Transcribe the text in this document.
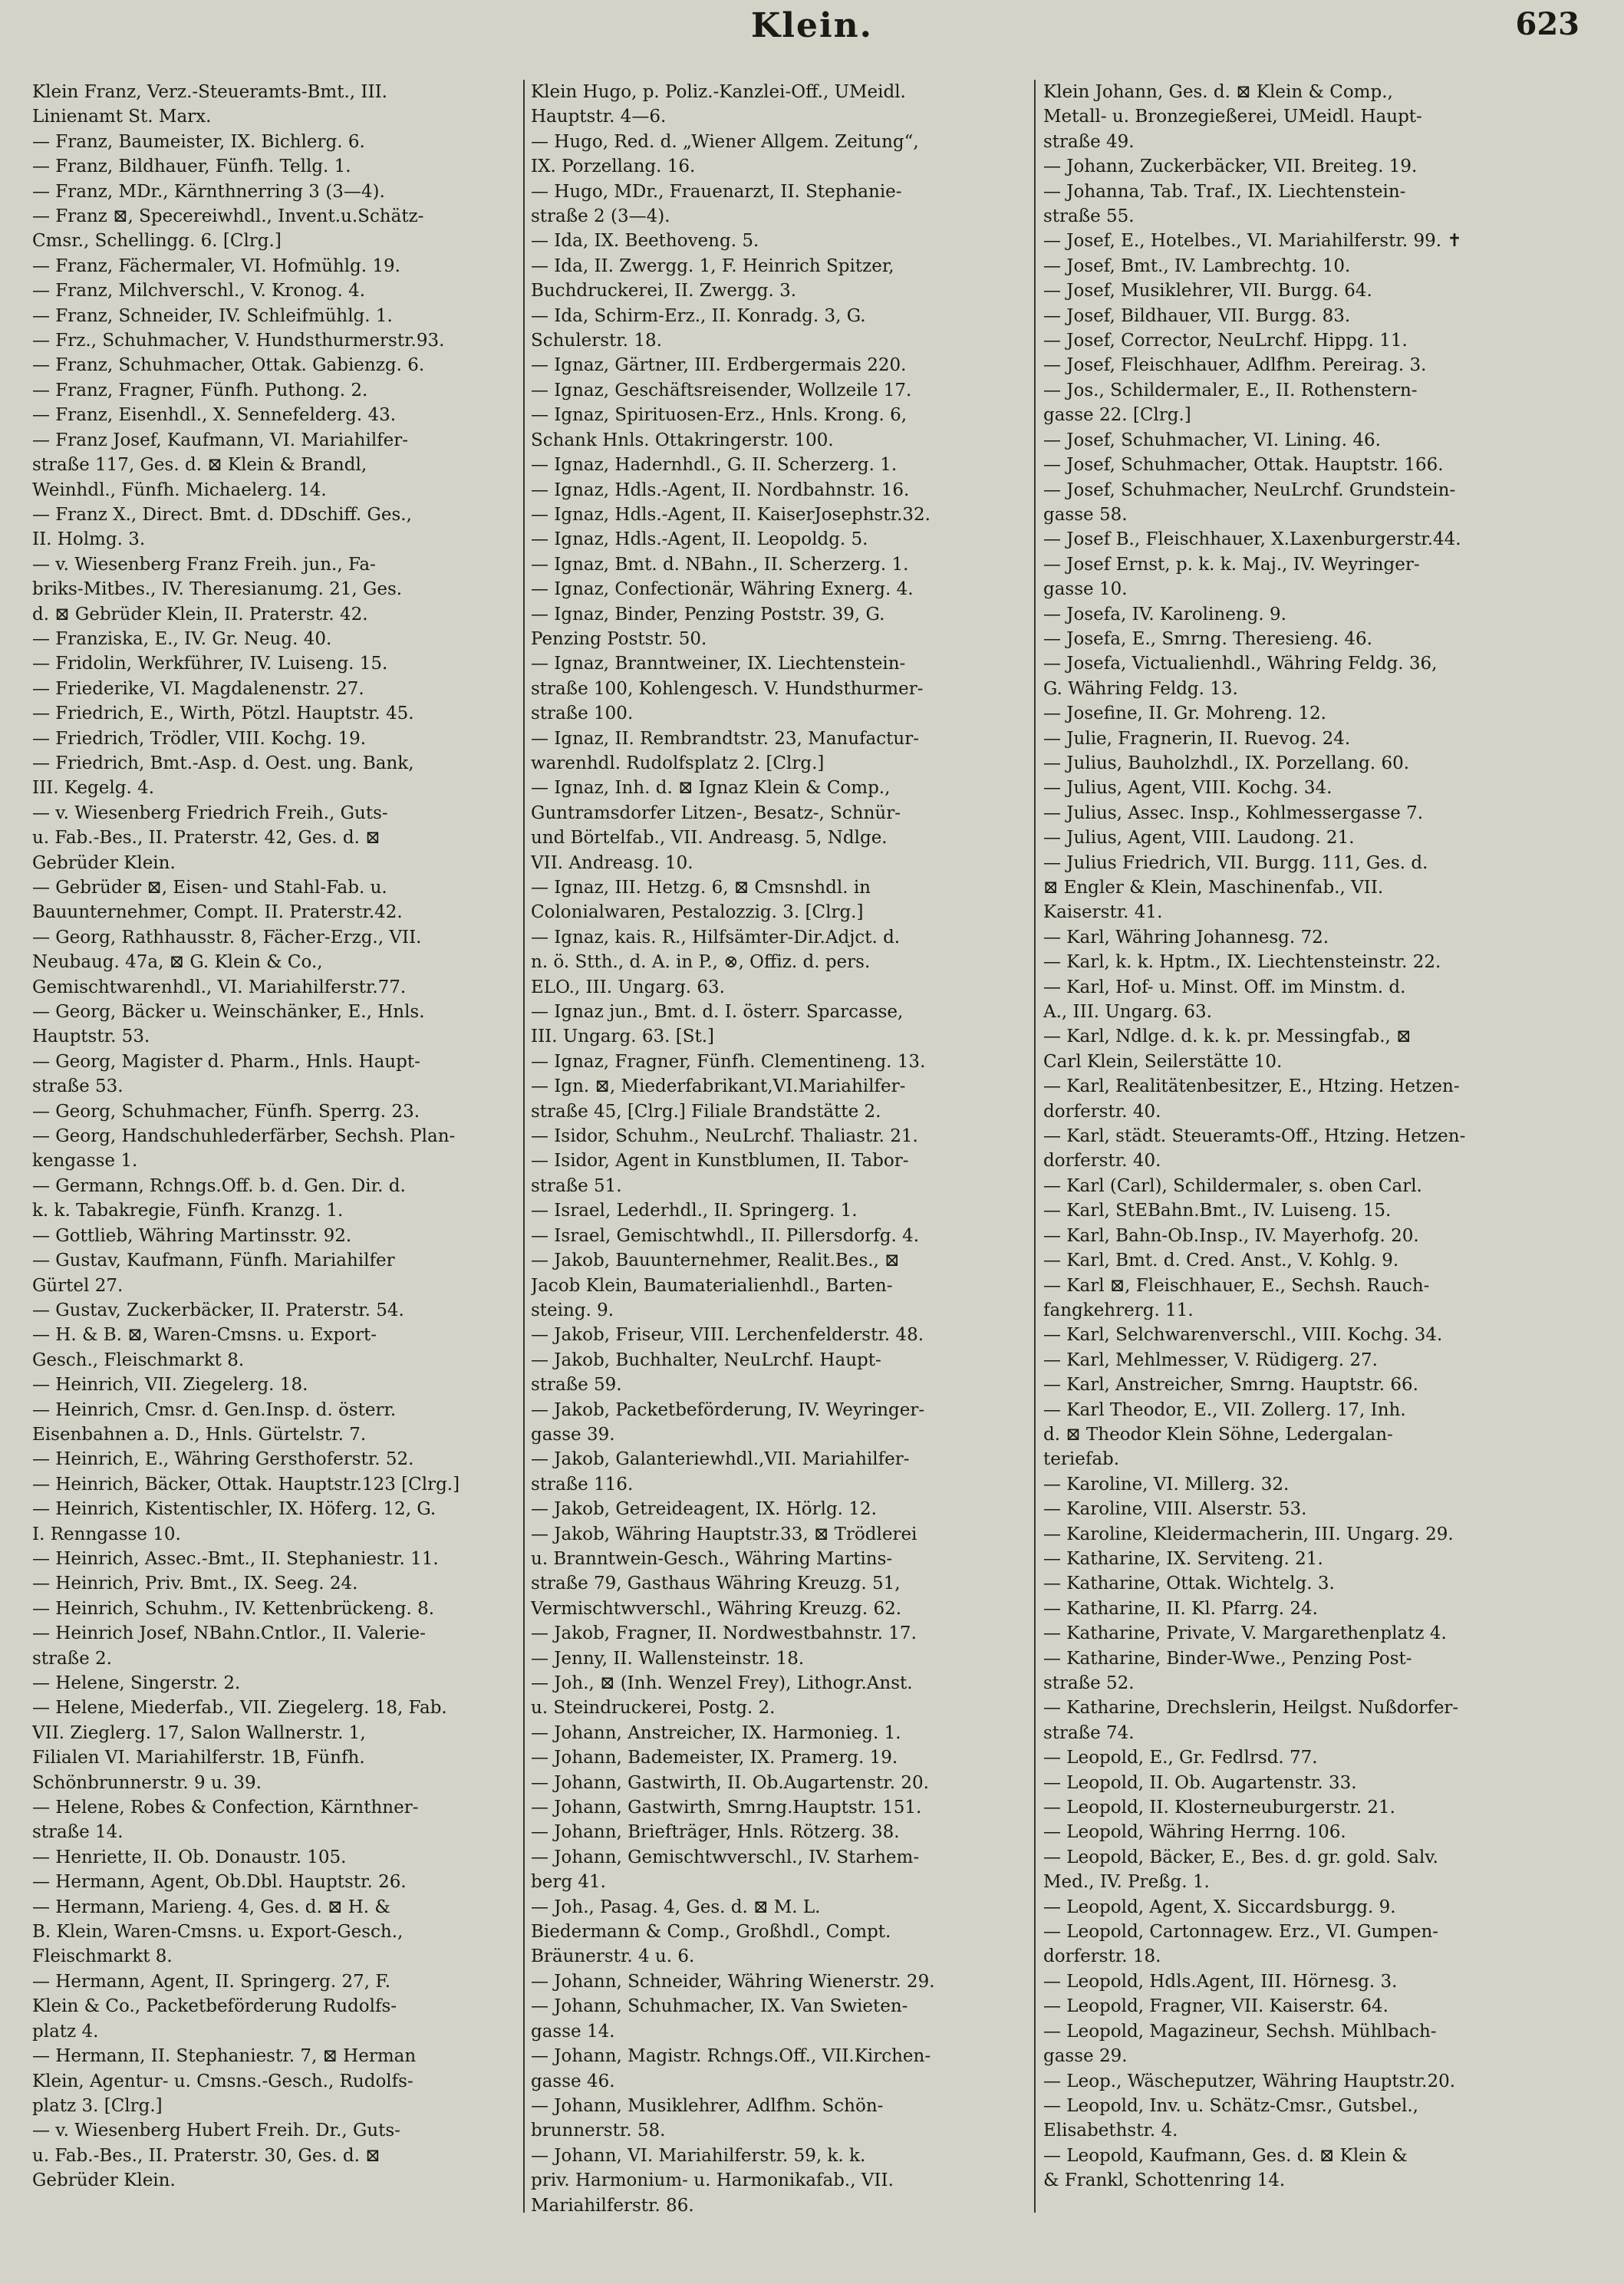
Klein.	623
Klein Franz, Verz.-Steueramts-Bmt., III.
Linienamt St. Marx.
— Franz, Baumeister, IX. Bichlerg. 6.
— Franz, Bildhauer, Fünfh. Tellg. 1.
— Franz, MDr., Kärnthnerring 3 (3—4).
— Franz ⊠, Specereiwhdl., Invent.u.Schätz-
Cmsr., Schellingg. 6. [Clrg.]
— Franz, Fächermaler, VI. Hofmühlg. 19.
— Franz, Milchverschl., V. Kronog. 4.
— Franz, Schneider, IV. Schleifmühlg. 1.
— Frz., Schuhmacher, V. Hundsthurmerstr.93.
— Franz, Schuhmacher, Ottak. Gabienzg. 6.
— Franz, Fragner, Fünfh. Puthong. 2.
— Franz, Eisenhdl., X. Sennefelderg. 43.
— Franz Josef, Kaufmann, VI. Mariahilfer-
straße 117, Ges. d. ⊠ Klein & Brandl,
Weinhdl., Fünfh. Michaelerg. 14.
— Franz X., Direct. Bmt. d. DDschiff. Ges.,
II. Holmg. 3.
— v. Wiesenberg Franz Freih. jun., Fa-
briks-Mitbes., IV. Theresianumg. 21, Ges.
d. ⊠ Gebrüder Klein, II. Praterstr. 42.
— Franziska, E., IV. Gr. Neug. 40.
— Fridolin, Werkführer, IV. Luiseng. 15.
— Friederike, VI. Magdalenenstr. 27.
— Friedrich, E., Wirth, Pötzl. Hauptstr. 45.
— Friedrich, Trödler, VIII. Kochg. 19.
— Friedrich, Bmt.-Asp. d. Oest. ung. Bank,
III. Kegelg. 4.
— v. Wiesenberg Friedrich Freih., Guts-
u. Fab.-Bes., II. Praterstr. 42, Ges. d. ⊠
Gebrüder Klein.
— Gebrüder ⊠, Eisen- und Stahl-Fab. u.
Bauunternehmer, Compt. II. Praterstr.42.
— Georg, Rathhausstr. 8, Fächer-Erzg., VII.
Neubaug. 47a, ⊠ G. Klein & Co.,
Gemischtwarenhdl., VI. Mariahilferstr.77.
— Georg, Bäcker u. Weinschänker, E., Hnls.
Hauptstr. 53.
— Georg, Magister d. Pharm., Hnls. Haupt-
straße 53.
— Georg, Schuhmacher, Fünfh. Sperrg. 23.
— Georg, Handschuhlederfärber, Sechsh. Plan-
kengasse 1.
— Germann, Rchngs.Off. b. d. Gen. Dir. d.
k. k. Tabakregie, Fünfh. Kranzg. 1.
— Gottlieb, Währing Martinsstr. 92.
— Gustav, Kaufmann, Fünfh. Mariahilfer
Gürtel 27.
— Gustav, Zuckerbäcker, II. Praterstr. 54.
— H. & B. ⊠, Waren-Cmsns. u. Export-
Gesch., Fleischmarkt 8.
— Heinrich, VII. Ziegelerg. 18.
— Heinrich, Cmsr. d. Gen.Insp. d. österr.
Eisenbahnen a. D., Hnls. Gürtelstr. 7.
— Heinrich, E., Währing Gersthoferstr. 52.
— Heinrich, Bäcker, Ottak. Hauptstr.123 [Clrg.]
— Heinrich, Kistentischler, IX. Höferg. 12, G.
I. Renngasse 10.
— Heinrich, Assec.-Bmt., II. Stephaniestr. 11.
— Heinrich, Priv. Bmt., IX. Seeg. 24.
— Heinrich, Schuhm., IV. Kettenbrückeng. 8.
— Heinrich Josef, NBahn.Cntlor., II. Valerie-
straße 2.
— Helene, Singerstr. 2.
— Helene, Miederfab., VII. Ziegelerg. 18, Fab.
VII. Zieglerg. 17, Salon Wallnerstr. 1,
Filialen VI. Mariahilferstr. 1B, Fünfh.
Schönbrunnerstr. 9 u. 39.
— Helene, Robes & Confection, Kärnthner-
straße 14.
— Henriette, II. Ob. Donaustr. 105.
— Hermann, Agent, Ob.Dbl. Hauptstr. 26.
— Hermann, Marieng. 4, Ges. d. ⊠ H. &
B. Klein, Waren-Cmsns. u. Export-Gesch.,
Fleischmarkt 8.
— Hermann, Agent, II. Springerg. 27, F.
Klein & Co., Packetbeförderung Rudolfs-
platz 4.
— Hermann, II. Stephaniestr. 7, ⊠ Herman
Klein, Agentur- u. Cmsns.-Gesch., Rudolfs-
platz 3. [Clrg.]
— v. Wiesenberg Hubert Freih. Dr., Guts-
u. Fab.-Bes., II. Praterstr. 30, Ges. d. ⊠
Gebrüder Klein.
Klein Hugo, p. Poliz.-Kanzlei-Off., UMeidl.
Hauptstr. 4—6.
— Hugo, Red. d. „Wiener Allgem. Zeitung“,
IX. Porzellang. 16.
— Hugo, MDr., Frauenarzt, II. Stephanie-
straße 2 (3—4).
— Ida, IX. Beethoveng. 5.
— Ida, II. Zwergg. 1, F. Heinrich Spitzer,
Buchdruckerei, II. Zwergg. 3.
— Ida, Schirm-Erz., II. Konradg. 3, G.
Schulerstr. 18.
— Ignaz, Gärtner, III. Erdbergermais 220.
— Ignaz, Geschäftsreisender, Wollzeile 17.
— Ignaz, Spirituosen-Erz., Hnls. Krong. 6,
Schank Hnls. Ottakringerstr. 100.
— Ignaz, Hadernhdl., G. II. Scherzerg. 1.
— Ignaz, Hdls.-Agent, II. Nordbahnstr. 16.
— Ignaz, Hdls.-Agent, II. KaiserJosephstr.32.
— Ignaz, Hdls.-Agent, II. Leopoldg. 5.
— Ignaz, Bmt. d. NBahn., II. Scherzerg. 1.
— Ignaz, Confectionär, Währing Exnerg. 4.
— Ignaz, Binder, Penzing Poststr. 39, G.
Penzing Poststr. 50.
— Ignaz, Branntweiner, IX. Liechtenstein-
straße 100, Kohlengesch. V. Hundsthurmer-
straße 100.
— Ignaz, II. Rembrandtstr. 23, Manufactur-
warenhdl. Rudolfsplatz 2. [Clrg.]
— Ignaz, Inh. d. ⊠ Ignaz Klein & Comp.,
Guntramsdorfer Litzen-, Besatz-, Schnür-
und Börtelfab., VII. Andreasg. 5, Ndlge.
VII. Andreasg. 10.
— Ignaz, III. Hetzg. 6, ⊠ Cmsnshdl. in
Colonialwaren, Pestalozzig. 3. [Clrg.]
— Ignaz, kais. R., Hilfsämter-Dir.Adjct. d.
n. ö. Stth., d. A. in P., ⊗, Offiz. d. pers.
ELO., III. Ungarg. 63.
— Ignaz jun., Bmt. d. I. österr. Sparcasse,
III. Ungarg. 63. [St.]
— Ignaz, Fragner, Fünfh. Clementineng. 13.
— Ign. ⊠, Miederfabrikant,VI.Mariahilfer-
straße 45, [Clrg.] Filiale Brandstätte 2.
— Isidor, Schuhm., NeuLrchf. Thaliastr. 21.
— Isidor, Agent in Kunstblumen, II. Tabor-
straße 51.
— Israel, Lederhdl., II. Springerg. 1.
— Israel, Gemischtwhdl., II. Pillersdorfg. 4.
— Jakob, Bauunternehmer, Realit.Bes., ⊠
Jacob Klein, Baumaterialienhdl., Barten-
steing. 9.
— Jakob, Friseur, VIII. Lerchenfelderstr. 48.
— Jakob, Buchhalter, NeuLrchf. Haupt-
straße 59.
— Jakob, Packetbeförderung, IV. Weyringer-
gasse 39.
— Jakob, Galanteriewhdl.,VII. Mariahilfer-
straße 116.
— Jakob, Getreideagent, IX. Hörlg. 12.
— Jakob, Währing Hauptstr.33, ⊠ Trödlerei
u. Branntwein-Gesch., Währing Martins-
straße 79, Gasthaus Währing Kreuzg. 51,
Vermischtwverschl., Währing Kreuzg. 62.
— Jakob, Fragner, II. Nordwestbahnstr. 17.
— Jenny, II. Wallensteinstr. 18.
— Joh., ⊠ (Inh. Wenzel Frey), Lithogr.Anst.
u. Steindruckerei, Postg. 2.
— Johann, Anstreicher, IX. Harmonieg. 1.
— Johann, Bademeister, IX. Pramerg. 19.
— Johann, Gastwirth, II. Ob.Augartenstr. 20.
— Johann, Gastwirth, Smrng.Hauptstr. 151.
— Johann, Briefträger, Hnls. Rötzerg. 38.
— Johann, Gemischtwverschl., IV. Starhem-
berg 41.
— Joh., Pasag. 4, Ges. d. ⊠ M. L.
Biedermann & Comp., Großhdl., Compt.
Bräunerstr. 4 u. 6.
— Johann, Schneider, Währing Wienerstr. 29.
— Johann, Schuhmacher, IX. Van Swieten-
gasse 14.
— Johann, Magistr. Rchngs.Off., VII.Kirchen-
gasse 46.
— Johann, Musiklehrer, Adlfhm. Schön-
brunnerstr. 58.
— Johann, VI. Mariahilferstr. 59, k. k.
priv. Harmonium- u. Harmonikafab., VII.
Mariahilferstr. 86.
Klein Johann, Ges. d. ⊠ Klein & Comp.,
Metall- u. Bronzegießerei, UMeidl. Haupt-
straße 49.
— Johann, Zuckerbäcker, VII. Breiteg. 19.
— Johanna, Tab. Traf., IX. Liechtenstein-
straße 55.
— Josef, E., Hotelbes., VI. Mariahilferstr. 99. ✝
— Josef, Bmt., IV. Lambrechtg. 10.
— Josef, Musiklehrer, VII. Burgg. 64.
— Josef, Bildhauer, VII. Burgg. 83.
— Josef, Corrector, NeuLrchf. Hippg. 11.
— Josef, Fleischhauer, Adlfhm. Pereirag. 3.
— Jos., Schildermaler, E., II. Rothenstern-
gasse 22. [Clrg.]
— Josef, Schuhmacher, VI. Lining. 46.
— Josef, Schuhmacher, Ottak. Hauptstr. 166.
— Josef, Schuhmacher, NeuLrchf. Grundstein-
gasse 58.
— Josef B., Fleischhauer, X.Laxenburgerstr.44.
— Josef Ernst, p. k. k. Maj., IV. Weyringer-
gasse 10.
— Josefa, IV. Karolineng. 9.
— Josefa, E., Smrng. Theresieng. 46.
— Josefa, Victualienhdl., Währing Feldg. 36,
G. Währing Feldg. 13.
— Josefine, II. Gr. Mohreng. 12.
— Julie, Fragnerin, II. Ruevog. 24.
— Julius, Bauholzhdl., IX. Porzellang. 60.
— Julius, Agent, VIII. Kochg. 34.
— Julius, Assec. Insp., Kohlmessergasse 7.
— Julius, Agent, VIII. Laudong. 21.
— Julius Friedrich, VII. Burgg. 111, Ges. d.
⊠ Engler & Klein, Maschinenfab., VII.
Kaiserstr. 41.
— Karl, Währing Johannesg. 72.
— Karl, k. k. Hptm., IX. Liechtensteinstr. 22.
— Karl, Hof- u. Minst. Off. im Minstm. d.
A., III. Ungarg. 63.
— Karl, Ndlge. d. k. k. pr. Messingfab., ⊠
Carl Klein, Seilerstätte 10.
— Karl, Realitätenbesitzer, E., Htzing. Hetzen-
dorferstr. 40.
— Karl, städt. Steueramts-Off., Htzing. Hetzen-
dorferstr. 40.
— Karl (Carl), Schildermaler, s. oben Carl.
— Karl, StEBahn.Bmt., IV. Luiseng. 15.
— Karl, Bahn-Ob.Insp., IV. Mayerhofg. 20.
— Karl, Bmt. d. Cred. Anst., V. Kohlg. 9.
— Karl ⊠, Fleischhauer, E., Sechsh. Rauch-
fangkehrerg. 11.
— Karl, Selchwarenverschl., VIII. Kochg. 34.
— Karl, Mehlmesser, V. Rüdigerg. 27.
— Karl, Anstreicher, Smrng. Hauptstr. 66.
— Karl Theodor, E., VII. Zollerg. 17, Inh.
d. ⊠ Theodor Klein Söhne, Ledergalan-
teriefab.
— Karoline, VI. Millerg. 32.
— Karoline, VIII. Alserstr. 53.
— Karoline, Kleidermacherin, III. Ungarg. 29.
— Katharine, IX. Serviteng. 21.
— Katharine, Ottak. Wichtelg. 3.
— Katharine, II. Kl. Pfarrg. 24.
— Katharine, Private, V. Margarethenplatz 4.
— Katharine, Binder-Wwe., Penzing Post-
straße 52.
— Katharine, Drechslerin, Heilgst. Nußdorfer-
straße 74.
— Leopold, E., Gr. Fedlrsd. 77.
— Leopold, II. Ob. Augartenstr. 33.
— Leopold, II. Klosterneuburgerstr. 21.
— Leopold, Währing Herrng. 106.
— Leopold, Bäcker, E., Bes. d. gr. gold. Salv.
Med., IV. Preßg. 1.
— Leopold, Agent, X. Siccardsburgg. 9.
— Leopold, Cartonnagew. Erz., VI. Gumpen-
dorferstr. 18.
— Leopold, Hdls.Agent, III. Hörnesg. 3.
— Leopold, Fragner, VII. Kaiserstr. 64.
— Leopold, Magazineur, Sechsh. Mühlbach-
gasse 29.
— Leop., Wäscheputzer, Währing Hauptstr.20.
— Leopold, Inv. u. Schätz-Cmsr., Gutsbel.,
Elisabethstr. 4.
— Leopold, Kaufmann, Ges. d. ⊠ Klein &
& Frankl, Schottenring 14.
